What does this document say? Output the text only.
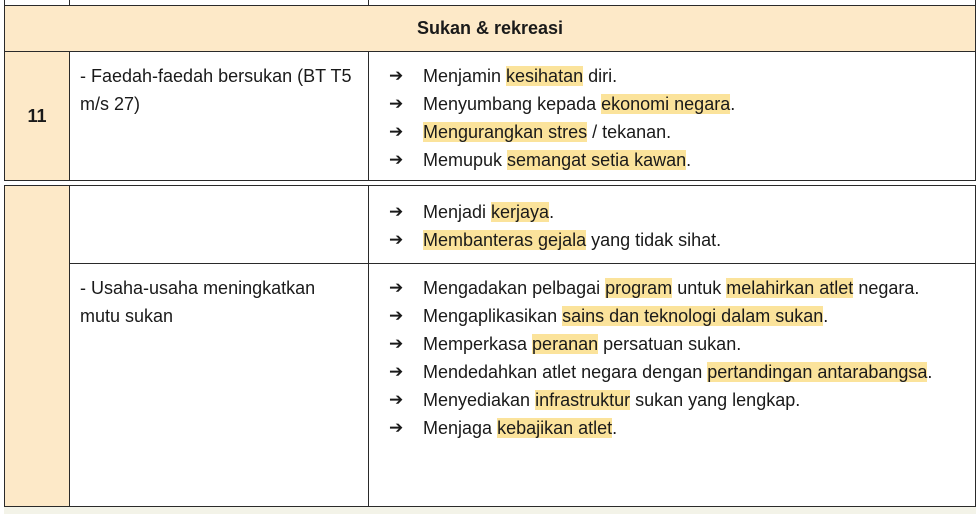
Sukan & rekreasi
11
- Faedah-faedah bersukan (BT T5 m/s 27)
➔ Menjamin kesihatan diri.
➔ Menyumbang kepada ekonomi negara.
➔ Mengurangkan stres / tekanan.
➔ Memupuk semangat setia kawan.
➔ Menjadi kerjaya.
➔ Membanteras gejala yang tidak sihat.
- Usaha-usaha meningkatkan mutu sukan
➔ Mengadakan pelbagai program untuk melahirkan atlet negara.
➔ Mengaplikasikan sains dan teknologi dalam sukan.
➔ Memperkasa peranan persatuan sukan.
➔ Mendedahkan atlet negara dengan pertandingan antarabangsa.
➔ Menyediakan infrastruktur sukan yang lengkap.
➔ Menjaga kebajikan atlet.
